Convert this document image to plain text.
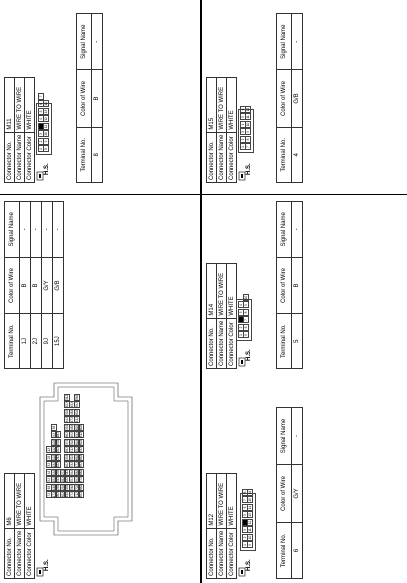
Connector No.	M6
Connector Name	WIRE TO WIRE
Connector Color	WHITE
H.S.
7J6J5J4J3J2J1J
17J16J15J14J13J12J11J10J9J8J
26J25J24J23J22J21J20J19J18J
30J29J28J27J
44J43J42J41J40J39J38J37J36J35J34J33J32J31J
57J56J55J54J53J52J51J50J49J48J47J46J45J
71J70J69J68J67J66J65J64J63J62J61J60J59J58J
89J88J87J86J85J84J83J82J81J80J
Terminal No.	Color of Wire	Signal Name
1J	B	-
2J	B	-
9J	G/Y	-
15J	G/B	-
Connector No.	M11
Connector Name	WIRE TO WIRE
Connector Color	WHITE
H.S.
1234567
891011121314
Terminal No.	Color of Wire	Signal Name
8	B	-
Connector No.	M12
Connector Name	WIRE TO WIRE
Connector Color	WHITE
H.S.
1235678
910111213141516
Terminal No.	Color of Wire	Signal Name
6	G/Y	-
Connector No.	M14
Connector Name	WIRE TO WIRE
Connector Color	WHITE
H.S.
1234
5678910
Terminal No.	Color of Wire	Signal Name
5	B	-
Connector No.	M15
Connector Name	WIRE TO WIRE
Connector Color	WHITE
H.S.
123456
789101112
Terminal No.	Color of Wire	Signal Name
4	G/B	-
